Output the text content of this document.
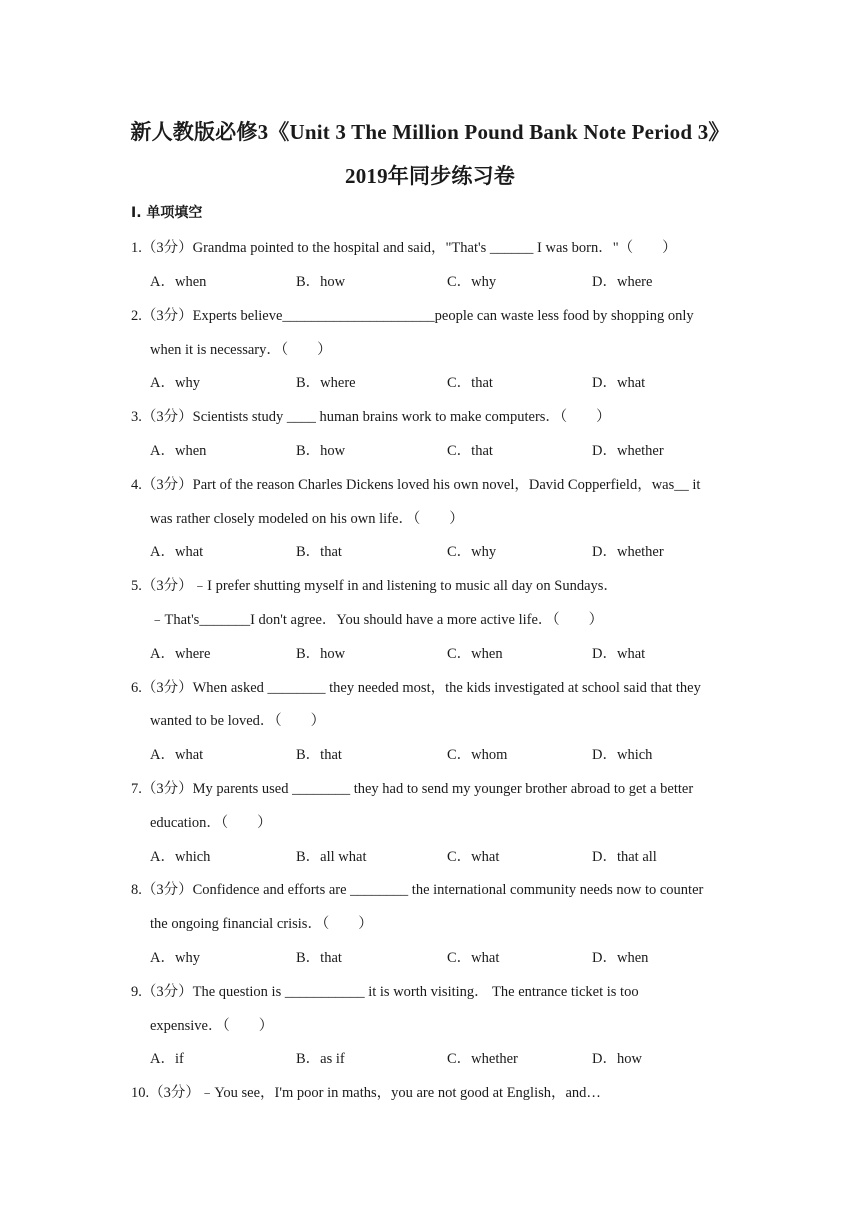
新人教版必修3《Unit 3 The Million Pound Bank Note Period 3》
2019年同步练习卷
I. 单项填空
1.（3分）Grandma pointed to the hospital and said，"That's ______ I was born．"（　　）
A．when	B．how	C．why	D．where
2.（3分）Experts believe_____________________people can waste less food by shopping only
when it is necessary．（　　）
A．why	B．where	C．that	D．what
3.（3分）Scientists study ____ human brains work to make computers．（　　）
A．when	B．how	C．that	D．whether
4.（3分）Part of the reason Charles Dickens loved his own novel，David Copperfield，was__ it
was rather closely modeled on his own life．（　　）
A．what	B．that	C．why	D．whether
5.（3分）﹣I prefer shutting myself in and listening to music all day on Sundays．
﹣That's_______I don't agree．You should have a more active life．（　　）
A．where	B．how	C．when	D．what
6.（3分）When asked ________ they needed most，the kids investigated at school said that they
wanted to be loved．（　　）
A．what	B．that	C．whom	D．which
7.（3分）My parents used ________ they had to send my younger brother abroad to get a better
education．（　　）
A．which	B．all what	C．what	D．that all
8.（3分）Confidence and efforts are ________ the international community needs now to counter
the ongoing financial crisis．（　　）
A．why	B．that	C．what	D．when
9.（3分）The question is ___________ it is worth visiting． The entrance ticket is too
expensive．（　　）
A．if	B．as if	C．whether	D．how
10.（3分）﹣You see，I'm poor in maths，you are not good at English，and…
